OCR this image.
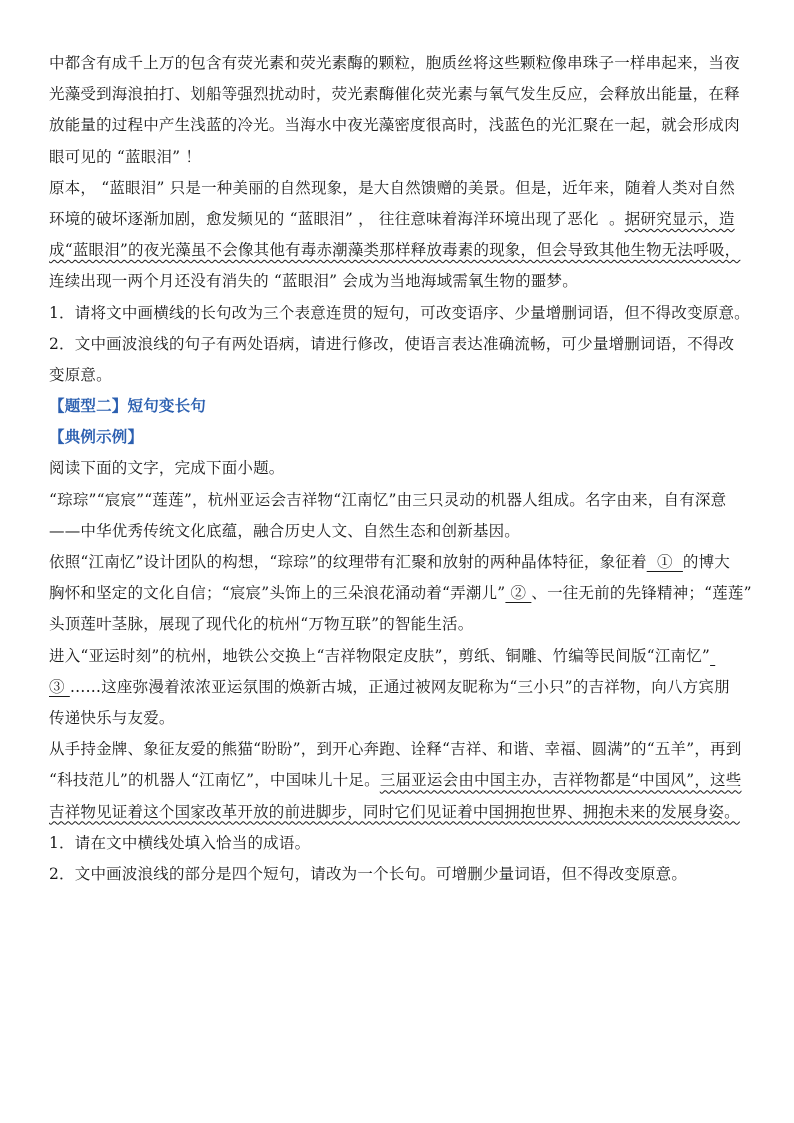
中都含有成千上万的包含有荧光素和荧光素酶的颗粒，胞质丝将这些颗粒像串珠子一样串起来，当夜
光藻受到海浪拍打、划船等强烈扰动时，荧光素酶催化荧光素与氧气发生反应，会释放出能量，在释
放能量的过程中产生浅蓝的冷光。当海水中夜光藻密度很高时，浅蓝色的光汇聚在一起，就会形成肉
眼可见的 “蓝眼泪” ！
原本， “蓝眼泪” 只是一种美丽的自然现象，是大自然馈赠的美景。但是，近年来，随着人类对自然
环境的破坏逐渐加剧，愈发频见的 “蓝眼泪” ， 往往意味着海洋环境出现了恶化  。据研究显示，造
成“蓝眼泪”的夜光藻虽不会像其他有毒赤潮藻类那样释放毒素的现象，但会导致其他生物无法呼吸，
连续出现一两个月还没有消失的 “蓝眼泪” 会成为当地海域需氧生物的噩梦。
1．请将文中画横线的长句改为三个表意连贯的短句，可改变语序、少量增删词语，但不得改变原意。
2．文中画波浪线的句子有两处语病，请进行修改，使语言表达准确流畅，可少量增删词语，不得改
变原意。
【题型二】短句变长句
【典例示例】
阅读下面的文字，完成下面小题。
“琮琮”“宸宸”“莲莲”，杭州亚运会吉祥物“江南忆”由三只灵动的机器人组成。名字由来，自有深意
——中华优秀传统文化底蕴，融合历史人文、自然生态和创新基因。
依照“江南忆”设计团队的构想，“琮琮”的纹理带有汇聚和放射的两种晶体特征，象征着  ①  的博大
胸怀和坚定的文化自信；“宸宸”头饰上的三朵浪花涌动着“弄潮儿” ② 、一往无前的先锋精神；“莲莲”
头顶莲叶茎脉，展现了现代化的杭州“万物互联”的智能生活。
进入“亚运时刻”的杭州，地铁公交换上“吉祥物限定皮肤”，剪纸、铜雕、竹编等民间版“江南忆”
③ ……这座弥漫着浓浓亚运氛围的焕新古城，正通过被网友昵称为“三小只”的吉祥物，向八方宾朋
传递快乐与友爱。
从手持金牌、象征友爱的熊猫“盼盼”，到开心奔跑、诠释“吉祥、和谐、幸福、圆满”的“五羊”，再到
“科技范儿”的机器人“江南忆”，中国味儿十足。三届亚运会由中国主办，吉祥物都是“中国风”，这些
吉祥物见证着这个国家改革开放的前进脚步，同时它们见证着中国拥抱世界、拥抱未来的发展身姿。
1．请在文中横线处填入恰当的成语。
2．文中画波浪线的部分是四个短句，请改为一个长句。可增删少量词语，但不得改变原意。
